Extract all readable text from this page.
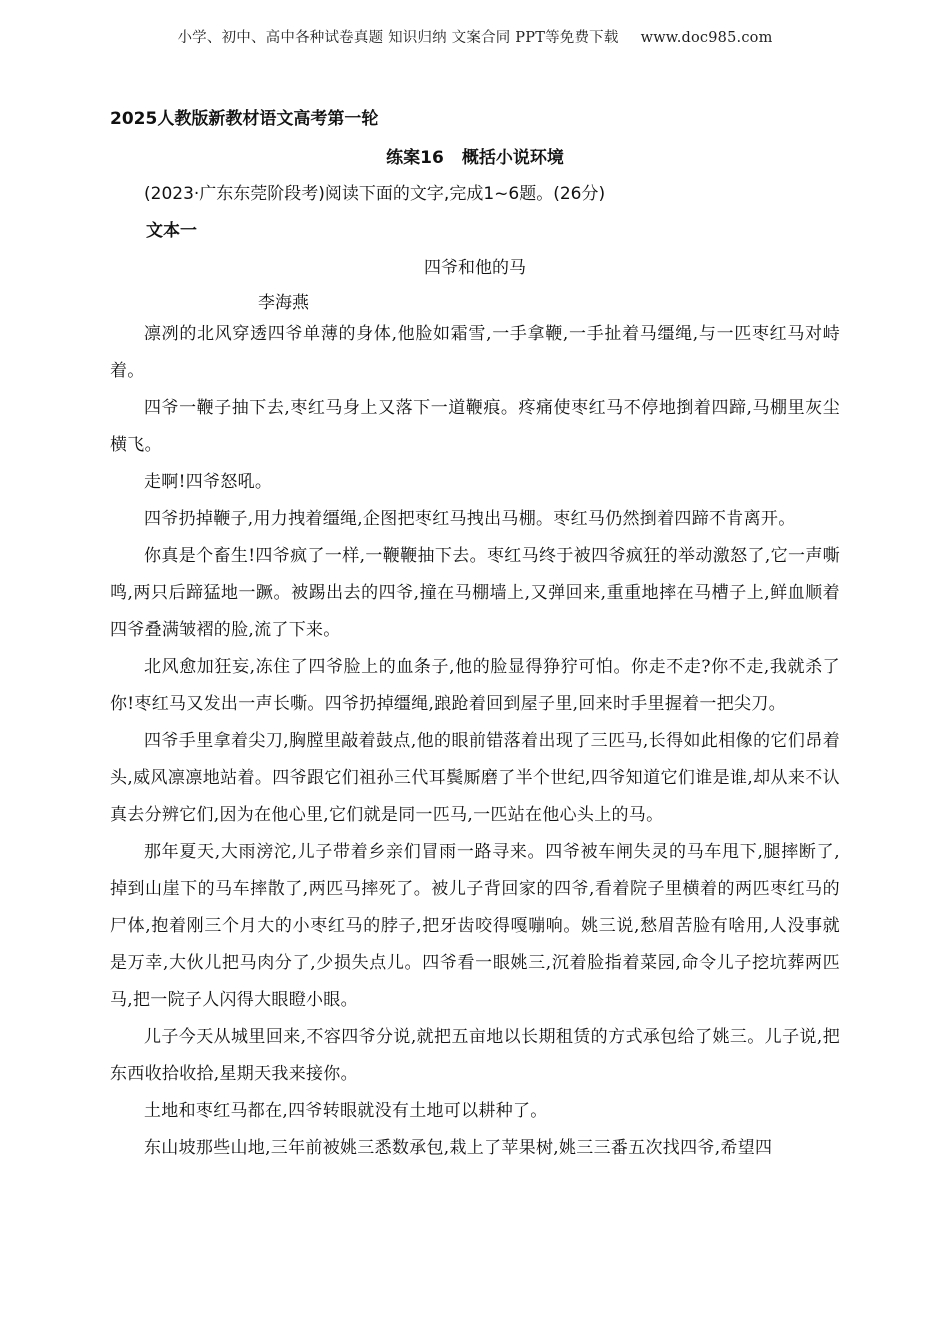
小学、初中、高中各种试卷真题 知识归纳 文案合同 PPT等免费下载 www.doc985.com
2025人教版新教材语文高考第一轮
练案16 概括小说环境
(2023·广东东莞阶段考)阅读下面的文字,完成1~6题。(26分)
文本一
四爷和他的马
李海燕

凛冽的北风穿透四爷单薄的身体,他脸如霜雪,一手拿鞭,一手扯着马缰绳,与一匹枣红马对峙着。

四爷一鞭子抽下去,枣红马身上又落下一道鞭痕。疼痛使枣红马不停地捯着四蹄,马棚里灰尘横飞。

走啊!四爷怒吼。

四爷扔掉鞭子,用力拽着缰绳,企图把枣红马拽出马棚。枣红马仍然捯着四蹄不肯离开。

你真是个畜生!四爷疯了一样,一鞭鞭抽下去。枣红马终于被四爷疯狂的举动激怒了,它一声嘶鸣,两只后蹄猛地一蹶。被踢出去的四爷,撞在马棚墙上,又弹回来,重重地摔在马槽子上,鲜血顺着四爷叠满皱褶的脸,流了下来。

北风愈加狂妄,冻住了四爷脸上的血条子,他的脸显得狰狞可怕。你走不走?你不走,我就杀了你!枣红马又发出一声长嘶。四爷扔掉缰绳,踉跄着回到屋子里,回来时手里握着一把尖刀。

四爷手里拿着尖刀,胸膛里敲着鼓点,他的眼前错落着出现了三匹马,长得如此相像的它们昂着头,威风凛凛地站着。四爷跟它们祖孙三代耳鬓厮磨了半个世纪,四爷知道它们谁是谁,却从来不认真去分辨它们,因为在他心里,它们就是同一匹马,一匹站在他心头上的马。

那年夏天,大雨滂沱,儿子带着乡亲们冒雨一路寻来。四爷被车闸失灵的马车甩下,腿摔断了,掉到山崖下的马车摔散了,两匹马摔死了。被儿子背回家的四爷,看着院子里横着的两匹枣红马的尸体,抱着刚三个月大的小枣红马的脖子,把牙齿咬得嘎嘣响。姚三说,愁眉苦脸有啥用,人没事就是万幸,大伙儿把马肉分了,少损失点儿。四爷看一眼姚三,沉着脸指着菜园,命令儿子挖坑葬两匹马,把一院子人闪得大眼瞪小眼。

儿子今天从城里回来,不容四爷分说,就把五亩地以长期租赁的方式承包给了姚三。儿子说,把东西收拾收拾,星期天我来接你。

土地和枣红马都在,四爷转眼就没有土地可以耕种了。

东山坡那些山地,三年前被姚三悉数承包,栽上了苹果树,姚三三番五次找四爷,希望四
